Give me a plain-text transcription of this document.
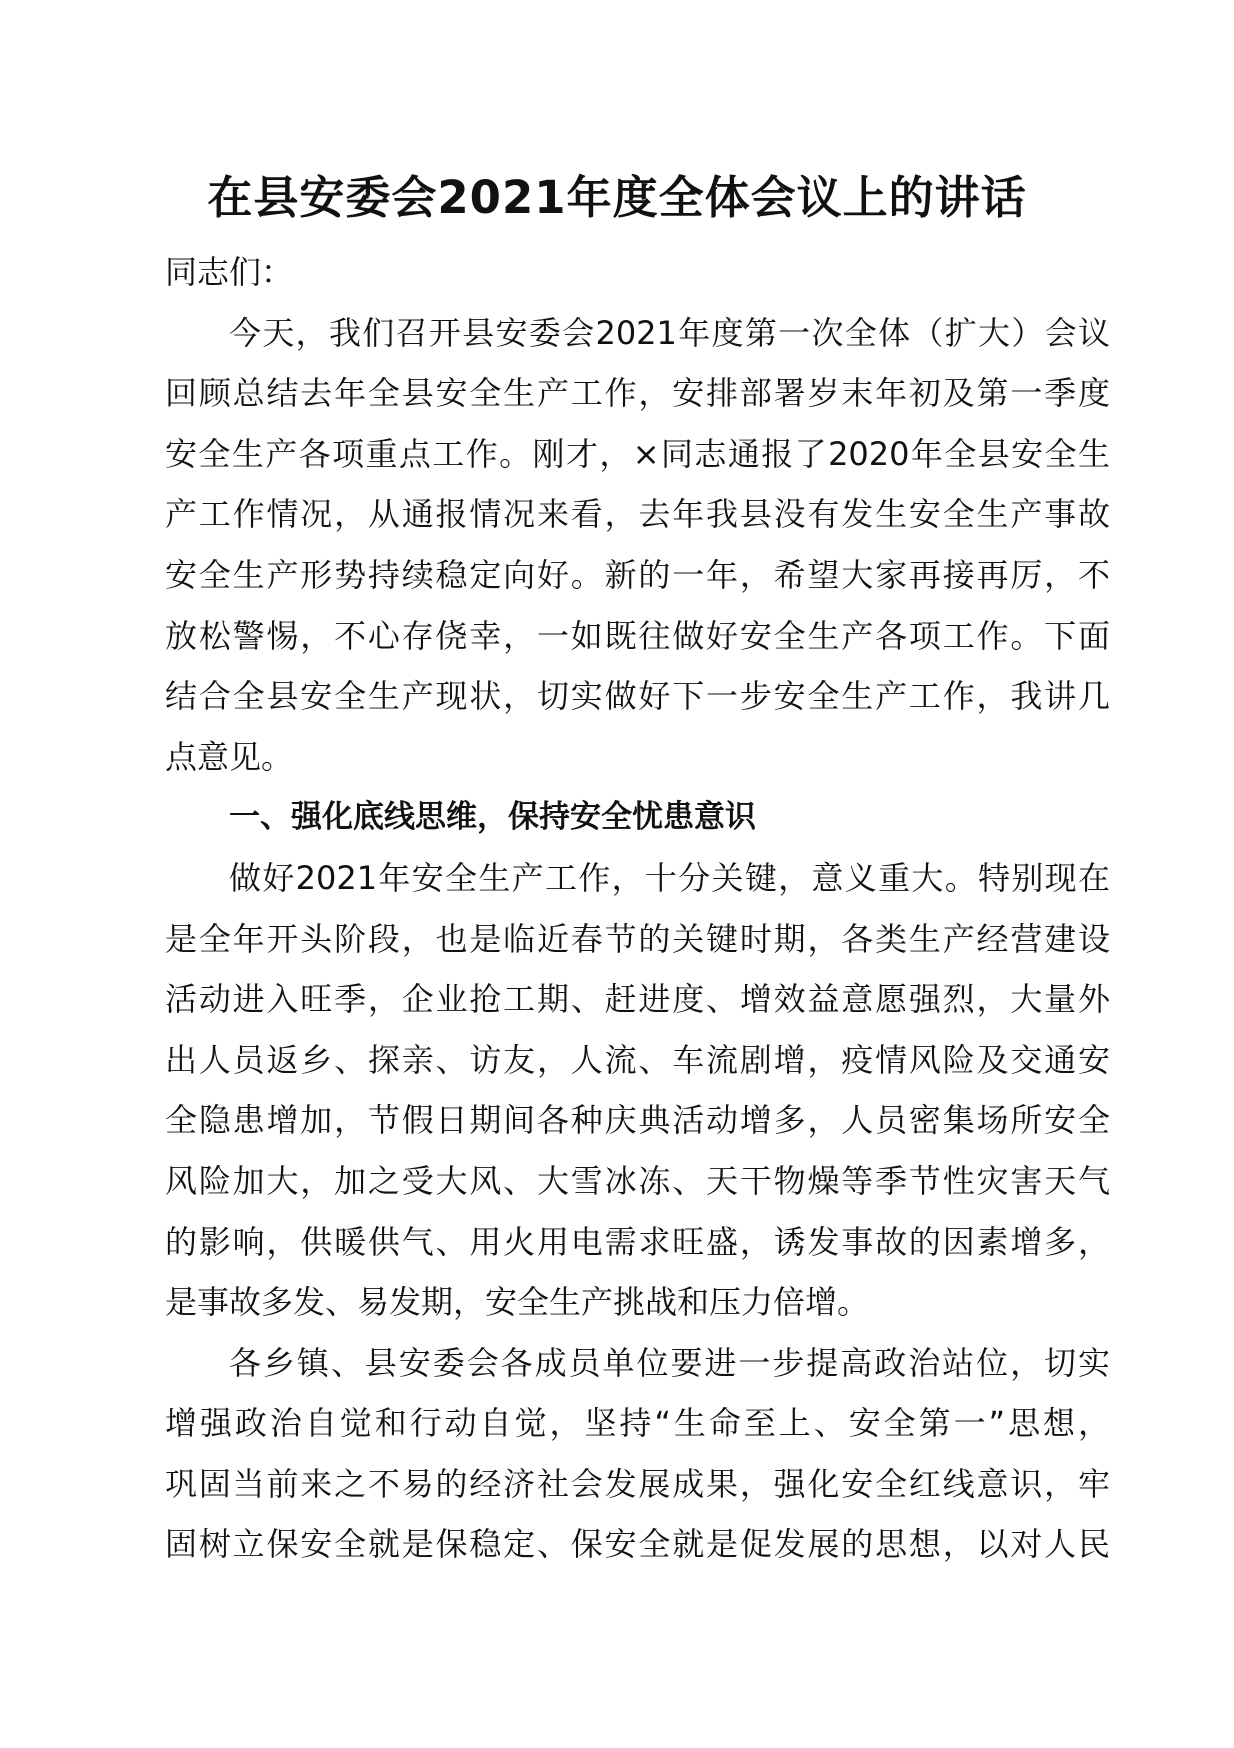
在县安委会2021年度全体会议上的讲话
同志们：
今天，我们召开县安委会2021年度第一次全体（扩大）会议
回顾总结去年全县安全生产工作，安排部署岁末年初及第一季度
安全生产各项重点工作。刚才，×同志通报了2020年全县安全生
产工作情况，从通报情况来看，去年我县没有发生安全生产事故
安全生产形势持续稳定向好。新的一年，希望大家再接再厉，不
放松警惕，不心存侥幸，一如既往做好安全生产各项工作。下面
结合全县安全生产现状，切实做好下一步安全生产工作，我讲几
点意见。
一、强化底线思维，保持安全忧患意识
做好2021年安全生产工作，十分关键，意义重大。特别现在
是全年开头阶段，也是临近春节的关键时期，各类生产经营建设
活动进入旺季，企业抢工期、赶进度、增效益意愿强烈，大量外
出人员返乡、探亲、访友，人流、车流剧增，疫情风险及交通安
全隐患增加，节假日期间各种庆典活动增多，人员密集场所安全
风险加大，加之受大风、大雪冰冻、天干物燥等季节性灾害天气
的影响，供暖供气、用火用电需求旺盛，诱发事故的因素增多，
是事故多发、易发期，安全生产挑战和压力倍增。
各乡镇、县安委会各成员单位要进一步提高政治站位，切实
增强政治自觉和行动自觉，坚持“生命至上、安全第一”思想，
巩固当前来之不易的经济社会发展成果，强化安全红线意识，牢
固树立保安全就是保稳定、保安全就是促发展的思想，以对人民
